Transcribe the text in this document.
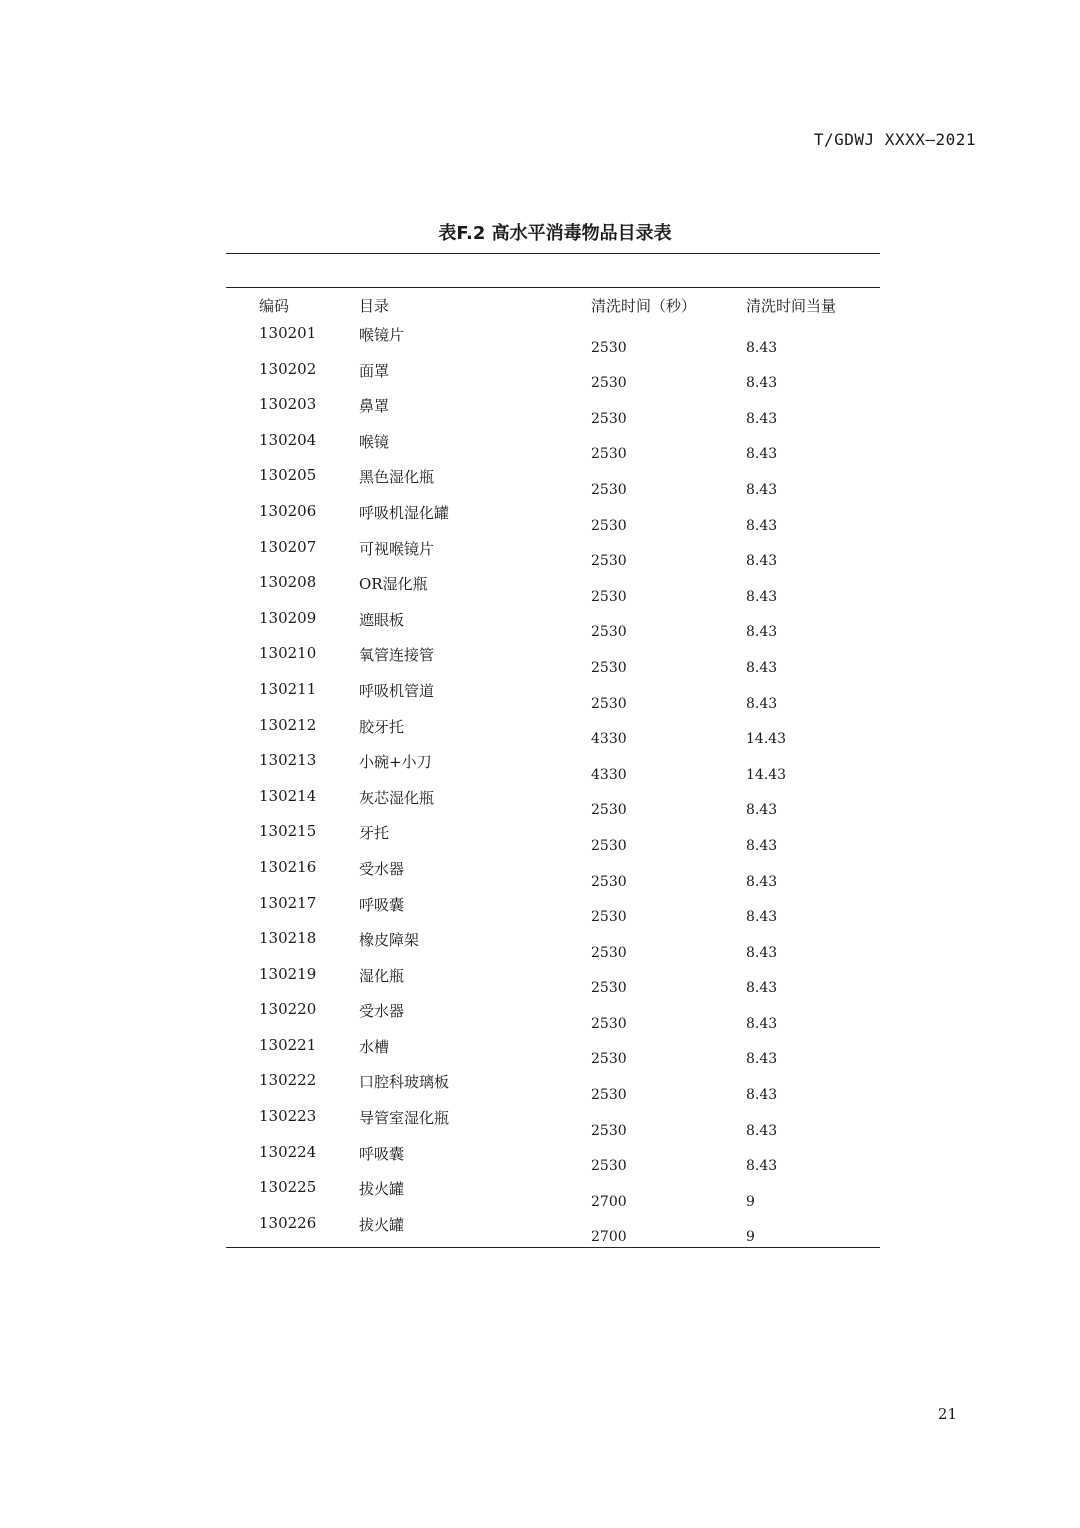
T/GDWJ XXXX—2021
表F.2 高水平消毒物品目录表

编码	目录	清洗时间（秒）	清洗时间当量
130201	喉镜片	2530	8.43
130202	面罩	2530	8.43
130203	鼻罩	2530	8.43
130204	喉镜	2530	8.43
130205	黑色湿化瓶	2530	8.43
130206	呼吸机湿化罐	2530	8.43
130207	可视喉镜片	2530	8.43
130208	OR湿化瓶	2530	8.43
130209	遮眼板	2530	8.43
130210	氧管连接管	2530	8.43
130211	呼吸机管道	2530	8.43
130212	胶牙托	4330	14.43
130213	小碗+小刀	4330	14.43
130214	灰芯湿化瓶	2530	8.43
130215	牙托	2530	8.43
130216	受水器	2530	8.43
130217	呼吸囊	2530	8.43
130218	橡皮障架	2530	8.43
130219	湿化瓶	2530	8.43
130220	受水器	2530	8.43
130221	水槽	2530	8.43
130222	口腔科玻璃板	2530	8.43
130223	导管室湿化瓶	2530	8.43
130224	呼吸囊	2530	8.43
130225	拔火罐	2700	9
130226	拔火罐	2700	9
21
